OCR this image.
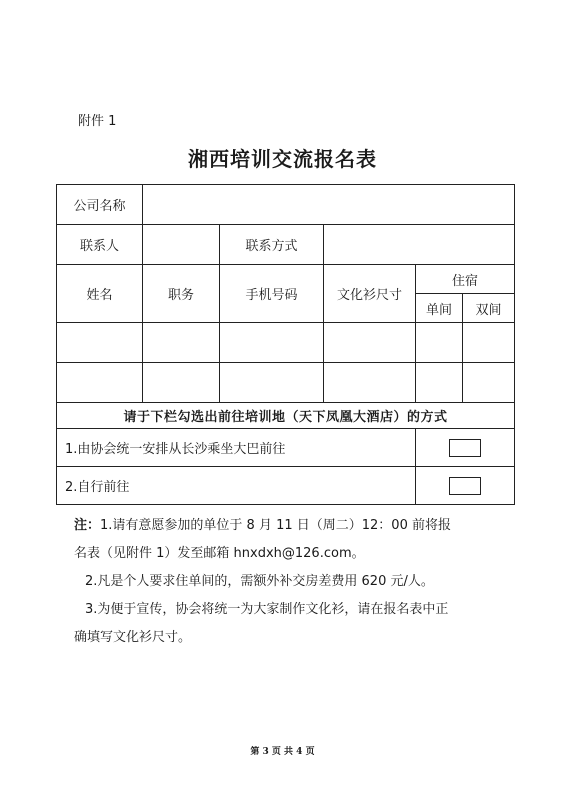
附件 1
湘西培训交流报名表
公司名称					
联系人		联系方式			
姓名	职务	手机号码	文化衫尺寸	住宿	
				单间	双间

请于下栏勾选出前往培训地（天下凤凰大酒店）的方式					
1.由协会统一安排从长沙乘坐大巴前往					
2.自行前往					

注：1.请有意愿参加的单位于 8 月 11 日（周二）12：00 前将报

名表（见附件 1）发至邮箱 hnxdxh@126.com。

2.凡是个人要求住单间的，需额外补交房差费用 620 元/人。

3.为便于宣传，协会将统一为大家制作文化衫，请在报名表中正

确填写文化衫尺寸。

第 3 页 共 4 页
